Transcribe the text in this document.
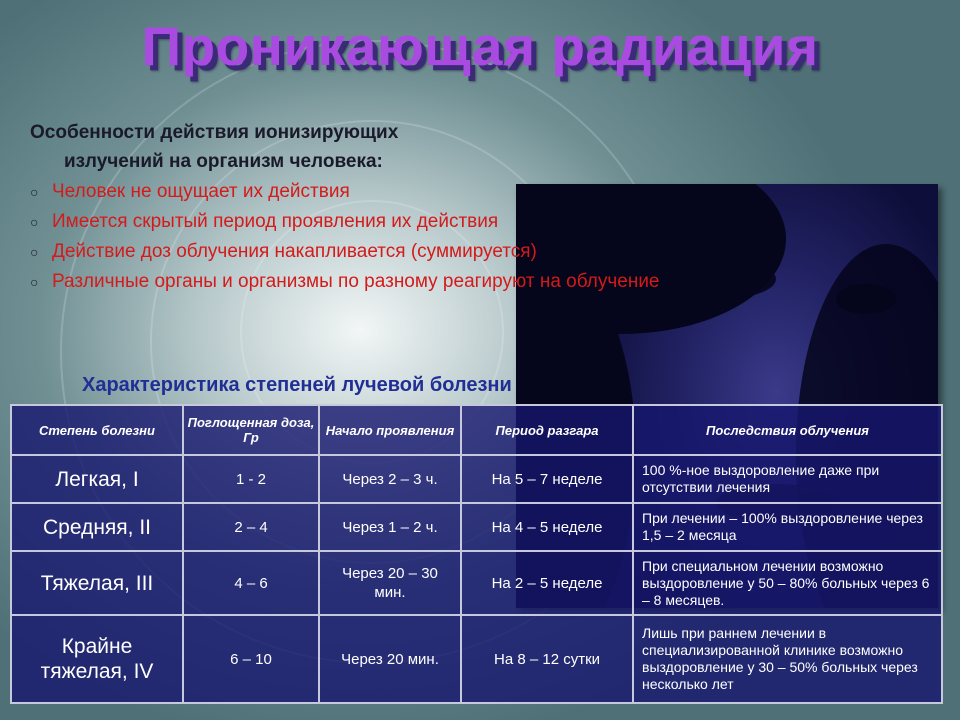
Проникающая радиация
Особенности действия ионизирующих
излучений на организм человека:
○ Человек не ощущает их действия
○ Имеется скрытый период проявления их действия
○ Действие доз облучения накапливается (суммируется)
○ Различные органы и организмы по разному реагируют на облучение
Характеристика степеней лучевой болезни
Степень болезни	Поглощенная доза, Гр	Начало проявления	Период разгара	Последствия облучения
Легкая, I	1 - 2	Через 2 – 3 ч.	На 5 – 7 неделе	100 %-ное выздоровление даже при отсутствии лечения
Средняя, II	2 – 4	Через 1 – 2 ч.	На 4 – 5 неделе	При лечении – 100% выздоровление через 1,5 – 2 месяца
Тяжелая, III	4 – 6	Через 20 – 30 мин.	На 2 – 5 неделе	При специальном лечении возможно выздоровление у 50 – 80% больных через 6 – 8 месяцев.
Крайне тяжелая, IV	6 – 10	Через 20 мин.	На 8 – 12 сутки	Лишь при раннем лечении в специализированной клинике возможно выздоровление у 30 – 50% больных через несколько лет
